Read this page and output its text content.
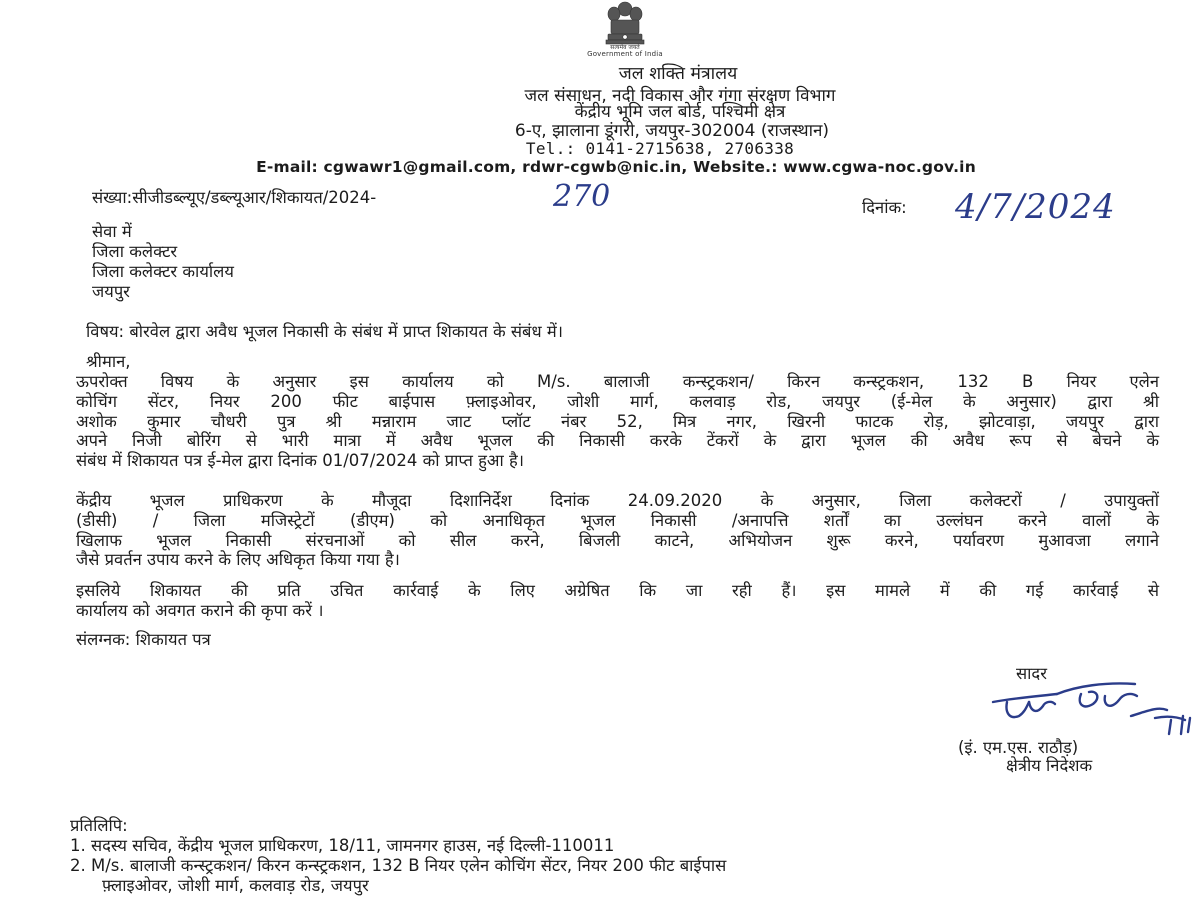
सत्यमेव जयते
Government of India
जल शक्ति मंत्रालय
जल संसाधन, नदी विकास और गंगा संरक्षण विभाग
केंद्रीय भूमि जल बोर्ड, पश्चिमी क्षेत्र
6-ए, झालाना डूंगरी, जयपुर-302004 (राजस्थान)
Tel.: 0141-2715638, 2706338
E-mail: cgwawr1@gmail.com, rdwr-cgwb@nic.in, Website.: www.cgwa-noc.gov.in
संख्या:सीजीडब्ल्यूए/डब्ल्यूआर/शिकायत/2024-	270	दिनांक: 4/7/2024
सेवा में
जिला कलेक्टर
जिला कलेक्टर कार्यालय
जयपुर
विषय: बोरवेल द्वारा अवैध भूजल निकासी के संबंध में प्राप्त शिकायत के संबंध में।
श्रीमान,
ऊपरोक्त विषय के अनुसार इस कार्यालय को M/s. बालाजी कन्स्ट्रकशन/ किरन कन्स्ट्रकशन, 132 B नियर एलेन
कोचिंग सेंटर, नियर 200 फीट बाईपास फ़्लाइओवर, जोशी मार्ग, कलवाड़ रोड, जयपुर (ई-मेल के अनुसार) द्वारा श्री
अशोक कुमार चौधरी पुत्र श्री मन्नाराम जाट प्लॉट नंबर 52, मित्र नगर, खिरनी फाटक रोड़, झोटवाड़ा, जयपुर द्वारा
अपने निजी बोरिंग से भारी मात्रा में अवैध भूजल की निकासी करके टेंकरों के द्वारा भूजल की अवैध रूप से बेचने के
संबंध में शिकायत पत्र ई-मेल द्वारा दिनांक 01/07/2024 को प्राप्त हुआ है।
केंद्रीय भूजल प्राधिकरण के मौजूदा दिशानिर्देश दिनांक 24.09.2020 के अनुसार, जिला कलेक्टरों / उपायुक्तों
(डीसी) / जिला मजिस्ट्रेटों (डीएम) को अनाधिकृत भूजल निकासी /अनापत्ति शर्तों का उल्लंघन करने वालों के
खिलाफ भूजल निकासी संरचनाओं को सील करने, बिजली काटने, अभियोजन शुरू करने, पर्यावरण मुआवजा लगाने
जैसे प्रवर्तन उपाय करने के लिए अधिकृत किया गया है।
इसलिये शिकायत की प्रति उचित कार्रवाई के लिए अग्रेषित कि जा रही हैं। इस मामले में की गई कार्रवाई से
कार्यालय को अवगत कराने की कृपा करें ।
संलग्नक: शिकायत पत्र
सादर
(इं. एम.एस. राठौड़)
क्षेत्रीय निदेशक
प्रतिलिपि:
1. सदस्य सचिव, केंद्रीय भूजल प्राधिकरण, 18/11, जामनगर हाउस, नई दिल्ली-110011
2. M/s. बालाजी कन्स्ट्रकशन/ किरन कन्स्ट्रकशन, 132 B नियर एलेन कोचिंग सेंटर, नियर 200 फीट बाईपास
फ़्लाइओवर, जोशी मार्ग, कलवाड़ रोड, जयपुर
